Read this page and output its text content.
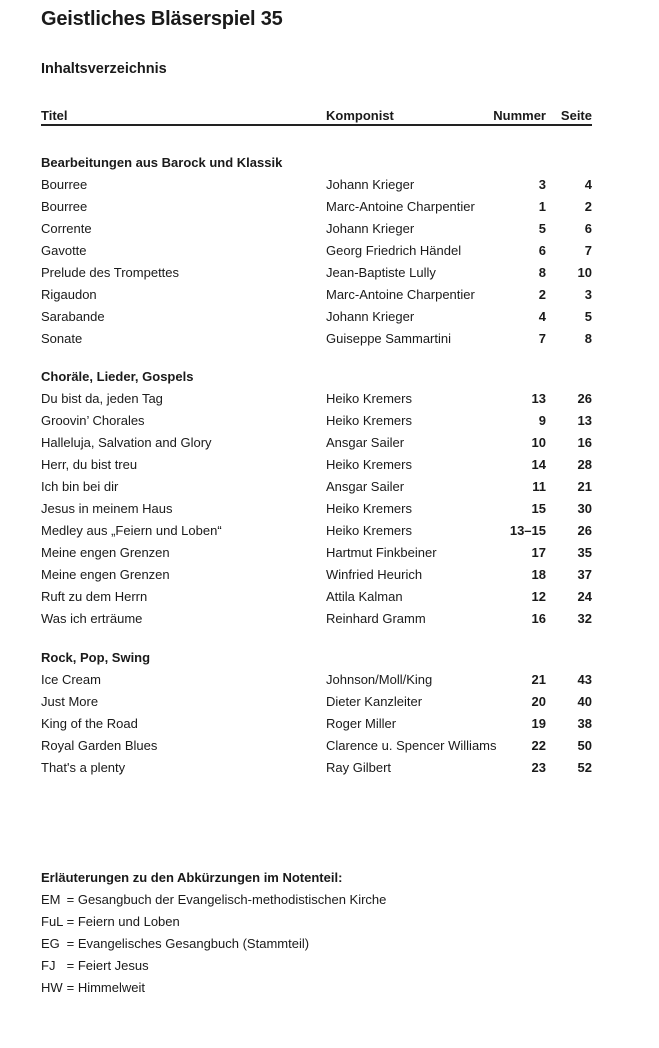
Geistliches Bläserspiel 35
Inhaltsverzeichnis
Titel	Komponist	Nummer Seite
Bearbeitungen aus Barock und Klassik
Bourree	Johann Krieger	3	4
Bourree	Marc-Antoine Charpentier	1	2
Corrente	Johann Krieger	5	6
Gavotte	Georg Friedrich Händel	6	7
Prelude des Trompettes	Jean-Baptiste Lully	8 10
Rigaudon	Marc-Antoine Charpentier	2	3
Sarabande	Johann Krieger	4	5
Sonate	Guiseppe Sammartini	7	8
Choräle, Lieder, Gospels
Du bist da, jeden Tag	Heiko Kremers	13 26
Groovin’ Chorales	Heiko Kremers	9 13
Halleluja, Salvation and Glory	Ansgar Sailer	10 16
Herr, du bist treu	Heiko Kremers	14 28
Ich bin bei dir	Ansgar Sailer	11 21
Jesus in meinem Haus	Heiko Kremers	15 30
Medley aus „Feiern und Loben“	Heiko Kremers	13–15 26
Meine engen Grenzen	Hartmut Finkbeiner	17 35
Meine engen Grenzen	Winfried Heurich	18 37
Ruft zu dem Herrn	Attila Kalman	12 24
Was ich erträume	Reinhard Gramm	16 32
Rock, Pop, Swing
Ice Cream	Johnson/Moll/King	21 43
Just More	Dieter Kanzleiter	20 40
King of the Road	Roger Miller	19 38
Royal Garden Blues	Clarence u. Spencer Williams	22 50
That's a plenty	Ray Gilbert	23 52
Erläuterungen zu den Abkürzungen im Notenteil:
EM = Gesangbuch der Evangelisch-methodistischen Kirche
FuL = Feiern und Loben
EG = Evangelisches Gesangbuch (Stammteil)
FJ = Feiert Jesus
HW = Himmelweit
